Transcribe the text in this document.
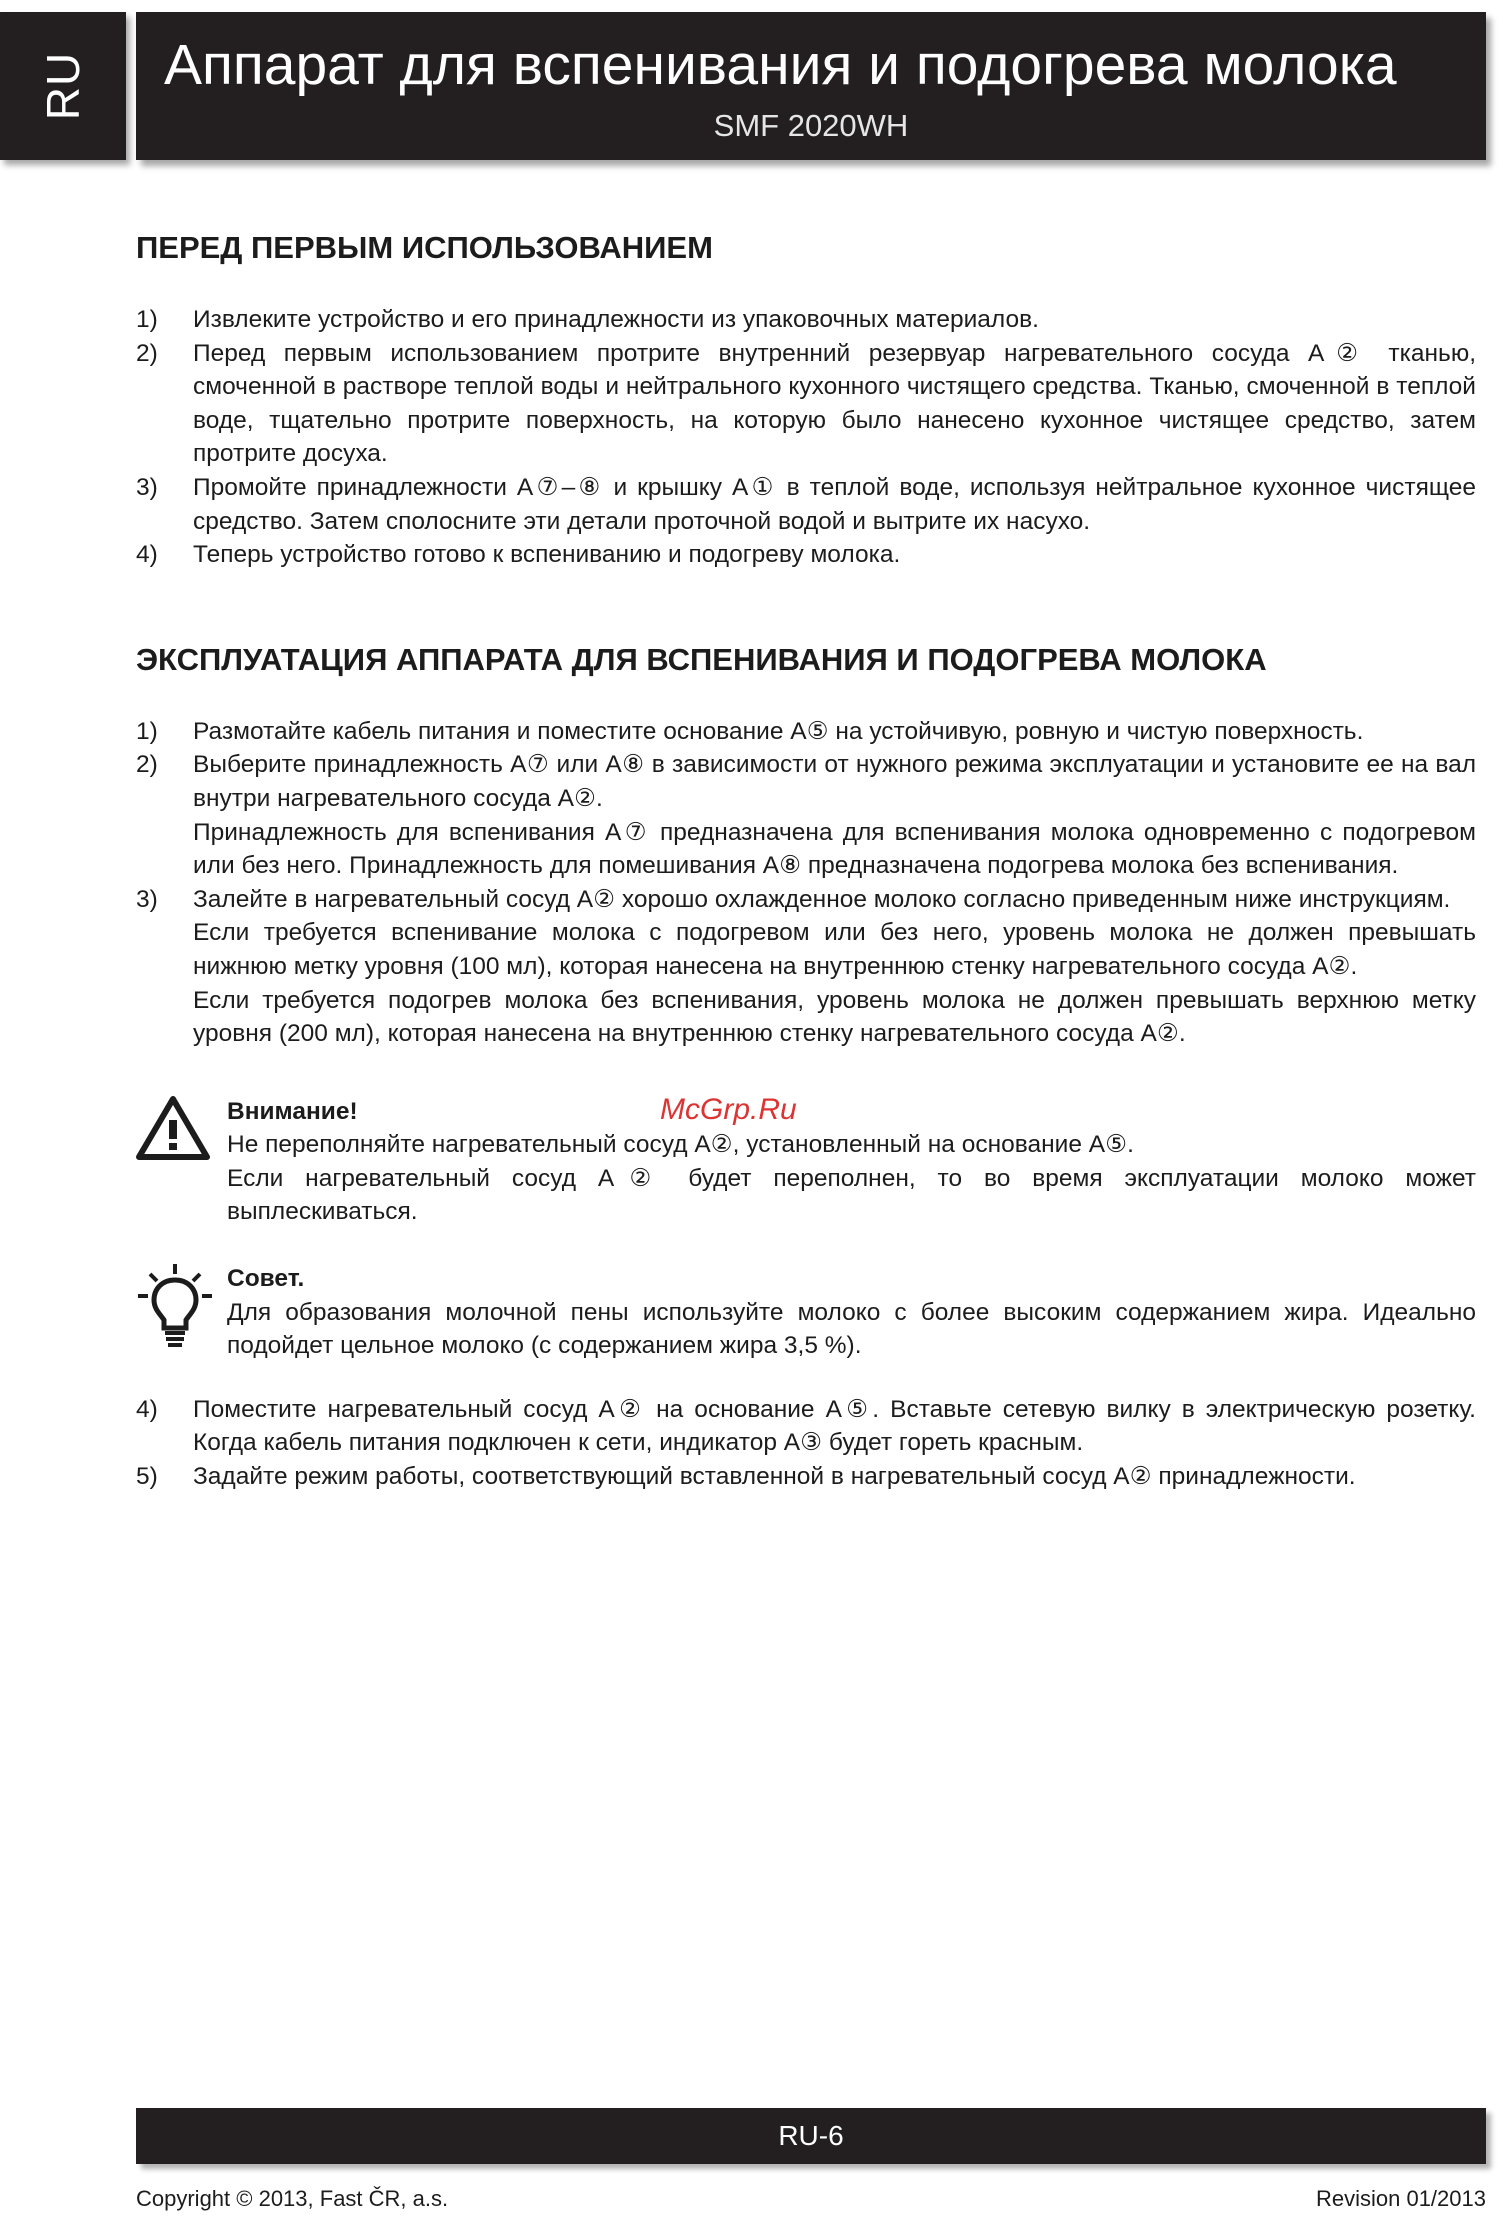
RU Аппарат для вспенивания и подогрева молока
SMF 2020WH
ПЕРЕД ПЕРВЫМ ИСПОЛЬЗОВАНИЕМ
1) Извлеките устройство и его принадлежности из упаковочных материалов.

2) Перед первым использованием протрите внутренний резервуар нагревательного сосуда A② тканью, смоченной в растворе теплой воды и нейтрального кухонного чистящего средства. Тканью, смоченной в теплой воде, тщательно протрите поверхность, на которую было нанесено кухонное чистящее средство, затем протрите досуха.

3) Промойте принадлежности A⑦–⑧ и крышку A① в теплой воде, используя нейтральное кухонное чистящее средство. Затем сполосните эти детали проточной водой и вытрите их насухо.

4) Теперь устройство готово к вспениванию и подогреву молока.

ЭКСПЛУАТАЦИЯ АППАРАТА ДЛЯ ВСПЕНИВАНИЯ И ПОДОГРЕВА МОЛОКА
1) Размотайте кабель питания и поместите основание A⑤ на устойчивую, ровную и чистую поверхность.

2) Выберите принадлежность A⑦ или A⑧ в зависимости от нужного режима эксплуатации и установите ее на вал внутри нагревательного сосуда A②.

Принадлежность для вспенивания A⑦ предназначена для вспенивания молока одновременно с подогревом или без него. Принадлежность для помешивания A⑧ предназначена подогрева молока без вспенивания.

3) Залейте в нагревательный сосуд A② хорошо охлажденное молоко согласно приведенным ниже инструкциям.

Если требуется вспенивание молока с подогревом или без него, уровень молока не должен превышать нижнюю метку уровня (100 мл), которая нанесена на внутреннюю стенку нагревательного сосуда A②.

Если требуется подогрев молока без вспенивания, уровень молока не должен превышать верхнюю метку уровня (200 мл), которая нанесена на внутреннюю стенку нагревательного сосуда A②.

Внимание!

Не переполняйте нагревательный сосуд A②, установленный на основание A⑤.

Если нагревательный сосуд A② будет переполнен, то во время эксплуатации молоко может выплескиваться.

Совет.

Для образования молочной пены используйте молоко с более высоким содержанием жира. Идеально подойдет цельное молоко (с содержанием жира 3,5 %).

4) Поместите нагревательный сосуд A② на основание A⑤. Вставьте сетевую вилку в электрическую розетку. Когда кабель питания подключен к сети, индикатор A③ будет гореть красным.

5) Задайте режим работы, соответствующий вставленной в нагревательный сосуд A② принадлежности.

McGrp.Ru
RU-6
Copyright © 2013, Fast ČR, a.s.	Revision 01/2013
